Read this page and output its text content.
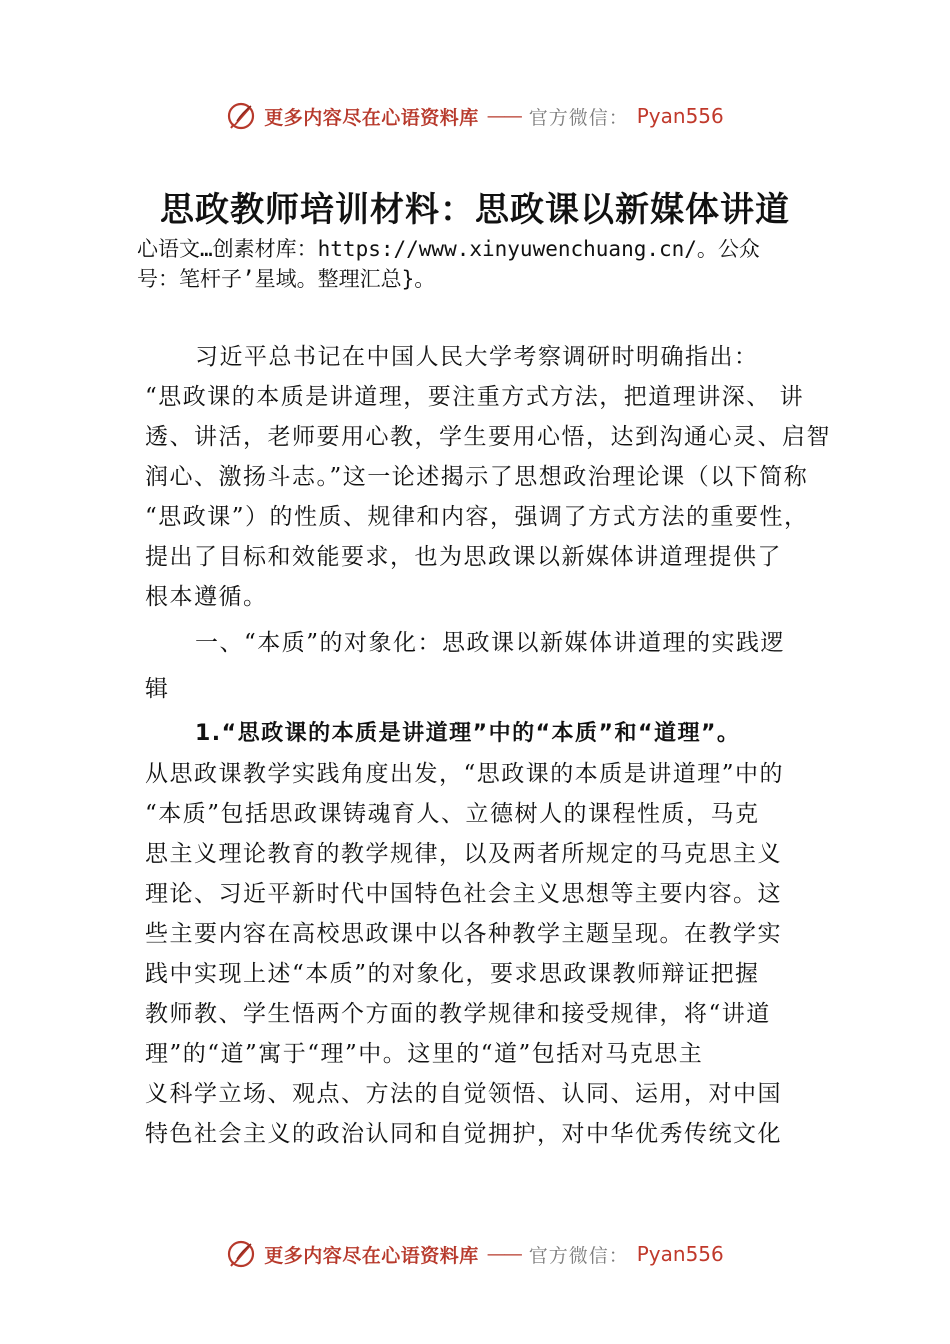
更多内容尽在心语资料库 —— 官方微信： Pyan556
思政教师培训材料：思政课以新媒体讲道
心语文…创素材库：https://www.xinyuwenchuang.cn/。公众
号：笔杆子’星域。整理汇总}。
习近平总书记在中国人民大学考察调研时明确指出：
“思政课的本质是讲道理，要注重方式方法，把道理讲深、 讲
透、讲活，老师要用心教，学生要用心悟，达到沟通心灵、启智
润心、激扬斗志。”这一论述揭示了思想政治理论课（以下简称
“思政课”）的性质、规律和内容，强调了方式方法的重要性，
提出了目标和效能要求，也为思政课以新媒体讲道理提供了
根本遵循。
一、“本质”的对象化：思政课以新媒体讲道理的实践逻
辑
1.“思政课的本质是讲道理”中的“本质”和“道理”。
从思政课教学实践角度出发，“思政课的本质是讲道理”中的
“本质”包括思政课铸魂育人、立德树人的课程性质，马克
思主义理论教育的教学规律，以及两者所规定的马克思主义
理论、习近平新时代中国特色社会主义思想等主要内容。这
些主要内容在高校思政课中以各种教学主题呈现。在教学实
践中实现上述“本质”的对象化，要求思政课教师辩证把握
教师教、学生悟两个方面的教学规律和接受规律，将“讲道
理”的“道”寓于“理”中。这里的“道”包括对马克思主
义科学立场、观点、方法的自觉领悟、认同、运用，对中国
特色社会主义的政治认同和自觉拥护，对中华优秀传统文化
更多内容尽在心语资料库 —— 官方微信： Pyan556
